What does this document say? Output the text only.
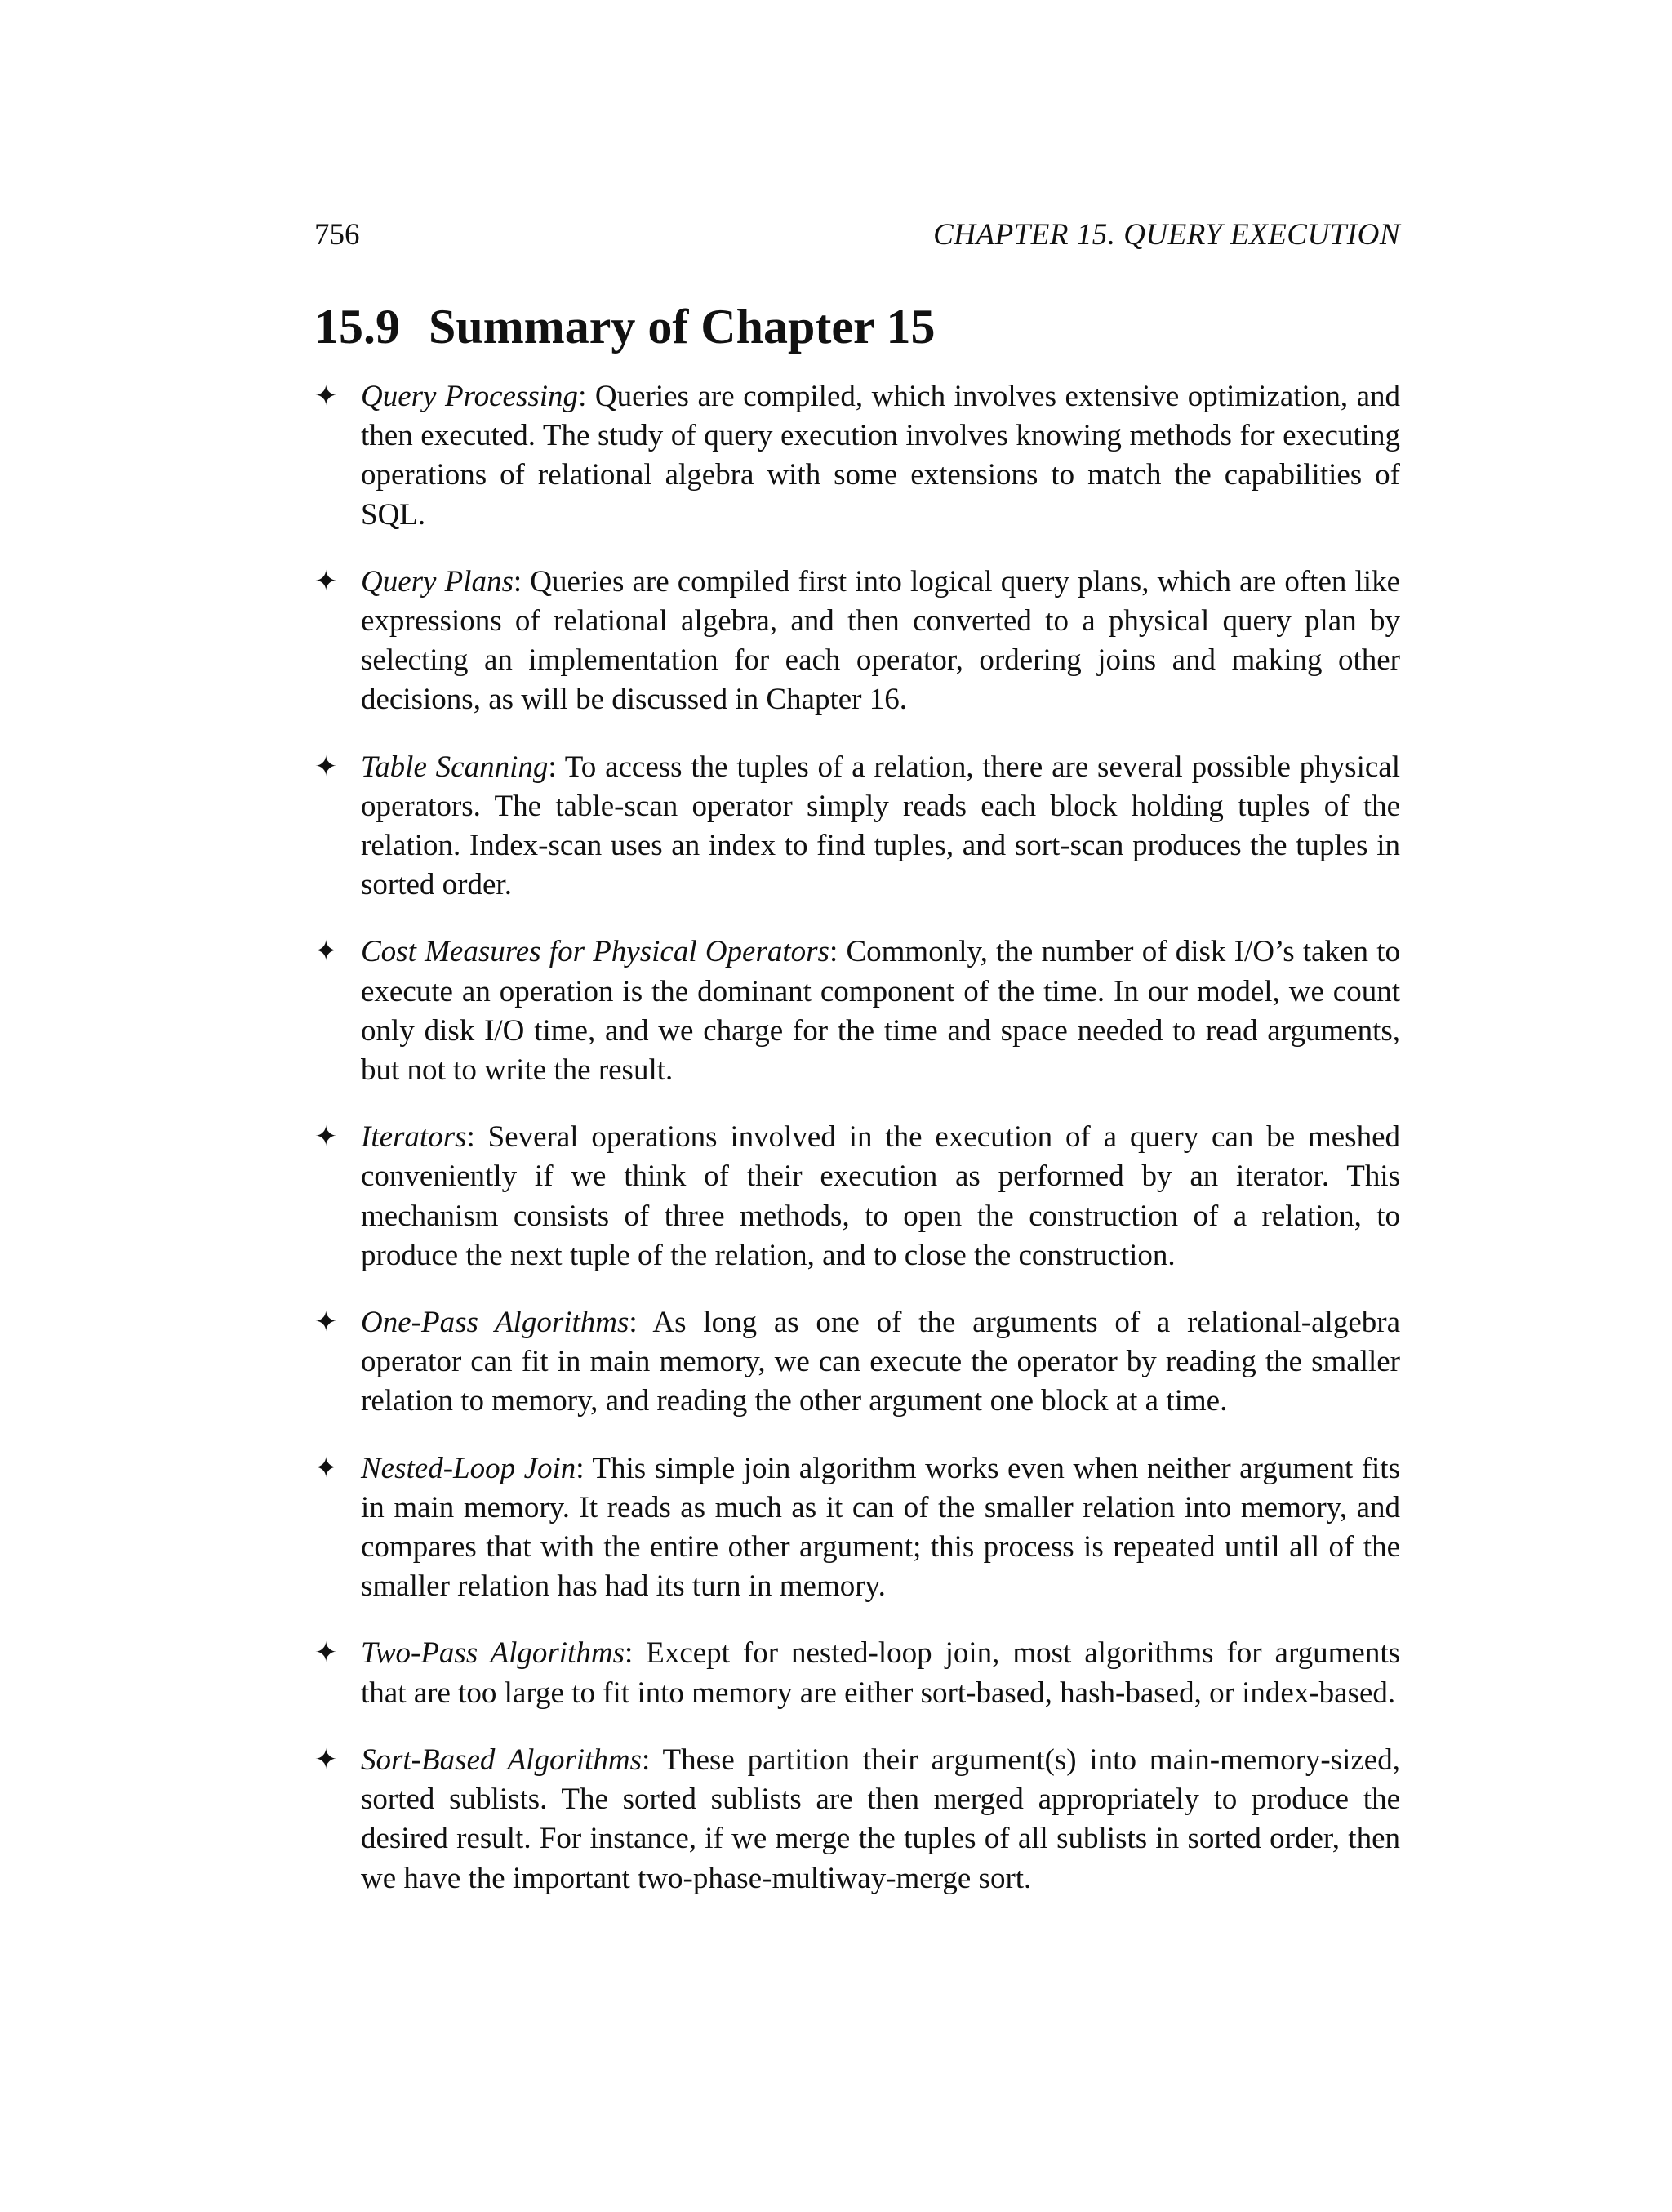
756	CHAPTER 15. QUERY EXECUTION
15.9 Summary of Chapter 15
✦ Query Processing: Queries are compiled, which involves extensive optimization, and then executed. The study of query execution involves knowing methods for executing operations of relational algebra with some extensions to match the capabilities of SQL.
✦ Query Plans: Queries are compiled first into logical query plans, which are often like expressions of relational algebra, and then converted to a physical query plan by selecting an implementation for each operator, ordering joins and making other decisions, as will be discussed in Chapter 16.
✦ Table Scanning: To access the tuples of a relation, there are several possible physical operators. The table-scan operator simply reads each block holding tuples of the relation. Index-scan uses an index to find tuples, and sort-scan produces the tuples in sorted order.
✦ Cost Measures for Physical Operators: Commonly, the number of disk I/O’s taken to execute an operation is the dominant component of the time. In our model, we count only disk I/O time, and we charge for the time and space needed to read arguments, but not to write the result.
✦ Iterators: Several operations involved in the execution of a query can be meshed conveniently if we think of their execution as performed by an iterator. This mechanism consists of three methods, to open the construction of a relation, to produce the next tuple of the relation, and to close the construction.
✦ One-Pass Algorithms: As long as one of the arguments of a relational-algebra operator can fit in main memory, we can execute the operator by reading the smaller relation to memory, and reading the other argument one block at a time.
✦ Nested-Loop Join: This simple join algorithm works even when neither argument fits in main memory. It reads as much as it can of the smaller relation into memory, and compares that with the entire other argument; this process is repeated until all of the smaller relation has had its turn in memory.
✦ Two-Pass Algorithms: Except for nested-loop join, most algorithms for arguments that are too large to fit into memory are either sort-based, hash-based, or index-based.
✦ Sort-Based Algorithms: These partition their argument(s) into main-memory-sized, sorted sublists. The sorted sublists are then merged appropriately to produce the desired result. For instance, if we merge the tuples of all sublists in sorted order, then we have the important two-phase-multiway-merge sort.
